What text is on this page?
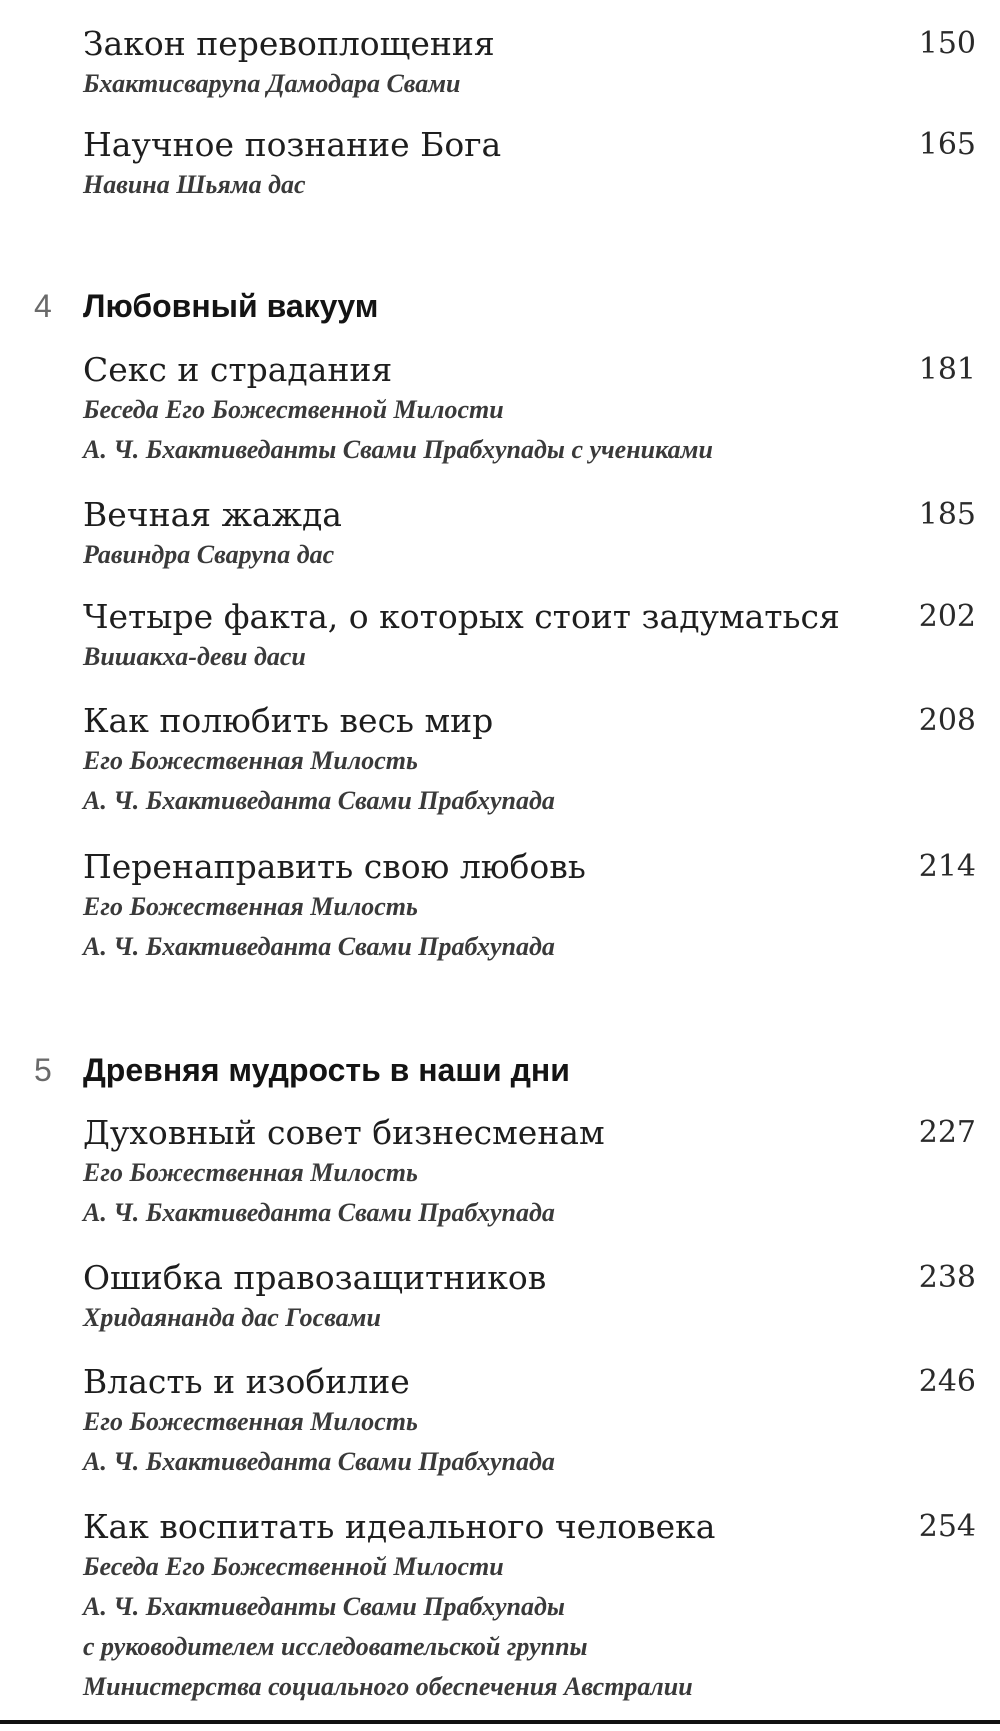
Закон перевоплощения	150
Бхактисварупа Дамодара Свами
Научное познание Бога	165
Навина Шьяма дас
4 Любовный вакуум
Секс и страдания	181
Беседа Его Божественной Милости
А. Ч. Бхактиведанты Свами Прабхупады с учениками
Вечная жажда	185
Равиндра Сварупа дас
Четыре факта, о которых стоит задуматься	202
Вишакха-деви даси
Как полюбить весь мир	208
Его Божественная Милость
А. Ч. Бхактиведанта Свами Прабхупада
Перенаправить свою любовь	214
Его Божественная Милость
А. Ч. Бхактиведанта Свами Прабхупада
5 Древняя мудрость в наши дни
Духовный совет бизнесменам	227
Его Божественная Милость
А. Ч. Бхактиведанта Свами Прабхупада
Ошибка правозащитников	238
Хридаянанда дас Госвами
Власть и изобилие	246
Его Божественная Милость
А. Ч. Бхактиведанта Свами Прабхупада
Как воспитать идеального человека	254
Беседа Его Божественной Милости
А. Ч. Бхактиведанты Свами Прабхупады
с руководителем исследовательской группы
Министерства социального обеспечения Австралии
